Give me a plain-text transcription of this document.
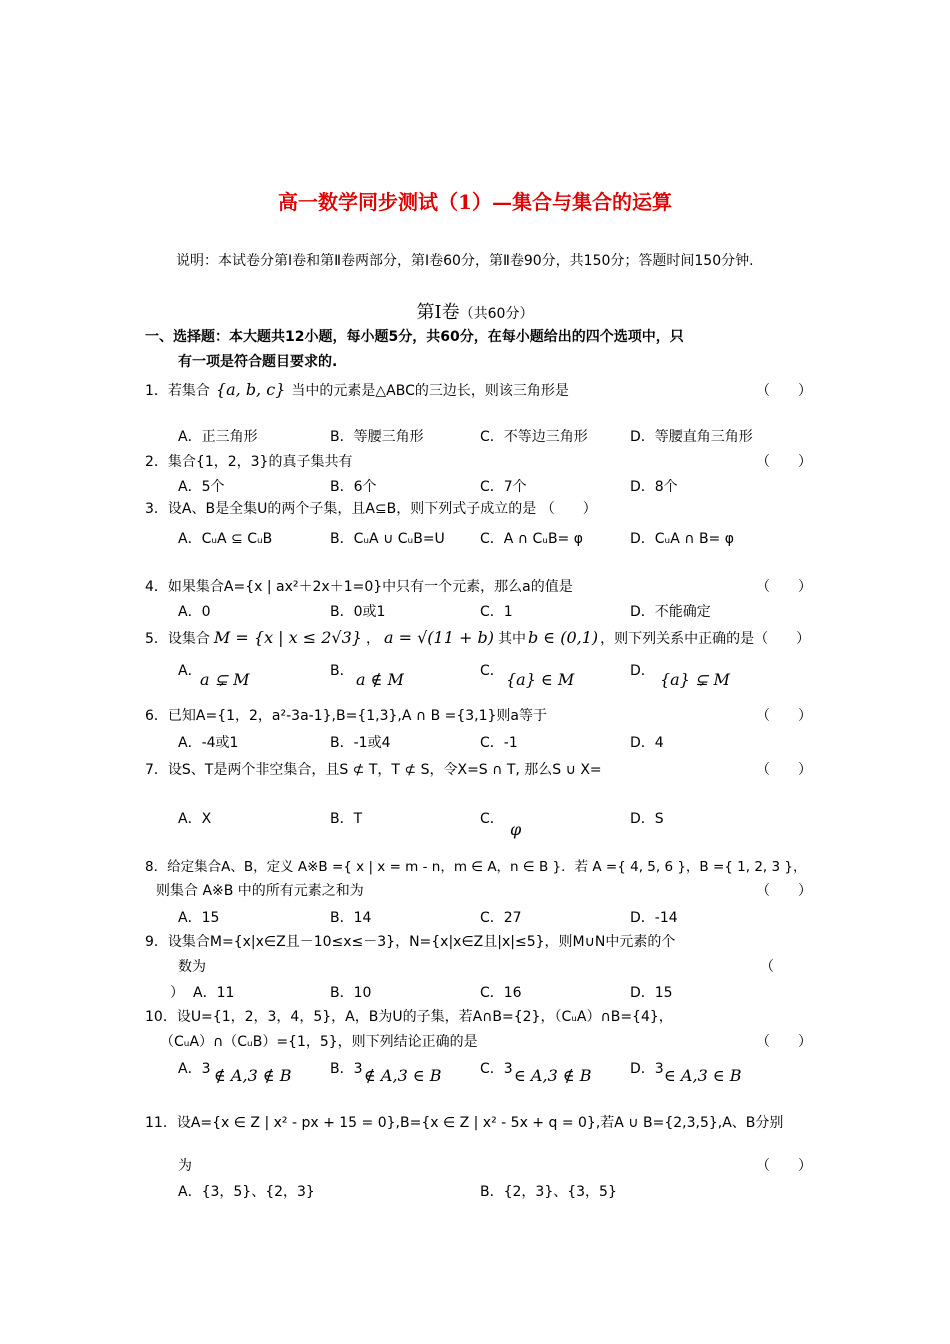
高一数学同步测试（1）—集合与集合的运算
说明：本试卷分第Ⅰ卷和第Ⅱ卷两部分，第Ⅰ卷60分，第Ⅱ卷90分，共150分；答题时间150分钟.
第Ⅰ卷（共60分）
一、选择题：本大题共12小题，每小题5分，共60分，在每小题给出的四个选项中，只
有一项是符合题目要求的.
1．若集合 {a, b, c} 当中的元素是△ABC的三边长，则该三角形是	（　　）
A．正三角形	B．等腰三角形	C．不等边三角形	D．等腰直角三角形
2．集合{1，2，3}的真子集共有	（　　）
A．5个	B．6个	C．7个	D．8个
3．设A、B是全集U的两个子集，且A⊆B，则下列式子成立的是 （　　）
A．CᵤA ⊆ CᵤB	B．CᵤA ∪ CᵤB=U	C．A ∩ CᵤB= φ	D．CᵤA ∩ B= φ
4．如果集合A={x | ax²＋2x＋1=0}中只有一个元素，那么a的值是	（　　）
A．0	B．0或1	C．1	D．不能确定
5．设集合 M = {x | x ≤ 2√3} ， a = √(11 + b) 其中 b ∈ (0,1) ，则下列关系中正确的是（　　）
A．
a ⊊ M	B． a ∉ M	C． {a} ∈ M	D． {a} ⊊ M
6．已知A={1，2，a²-3a-1},B={1,3},A ∩ B ={3,1}则a等于	（　　）
A．-4或1	B．-1或4	C．-1	D．4
7．设S、T是两个非空集合，且S ⊄ T，T ⊄ S，令X=S ∩ T, 那么S ∪ X=	（　　）
A．X	B．T	C．
φ
D．S
8．给定集合A、B，定义 A※B ={ x | x = m - n，m ∈ A，n ∈ B }．若 A ={ 4, 5, 6 }，B ={ 1, 2, 3 }，
则集合 A※B 中的所有元素之和为	（　　）
A．15	B．14	C．27	D．-14
9．设集合M={x|x∈Z且－10≤x≤－3}，N={x|x∈Z且|x|≤5}，则M∪N中元素的个
数为	（
） A．11	B．10	C．16	D．15
10．设U={1，2，3，4，5}，A，B为U的子集，若A∩B={2}，（CᵤA）∩B={4}，
（CᵤA）∩（CᵤB）={1，5}，则下列结论正确的是	（　　）
A．3 ∉ A,3 ∉ B	B．3 ∉ A,3 ∈ B	C．3 ∈ A,3 ∉ B	D．3 ∈ A,3 ∈ B
11．设A={x ∈ Z | x² - px + 15 = 0},B={x ∈ Z | x² - 5x + q = 0},若A ∪ B={2,3,5},A、B分别
为	（　　）
A．{3，5}、{2，3}	B．{2，3}、{3，5}
